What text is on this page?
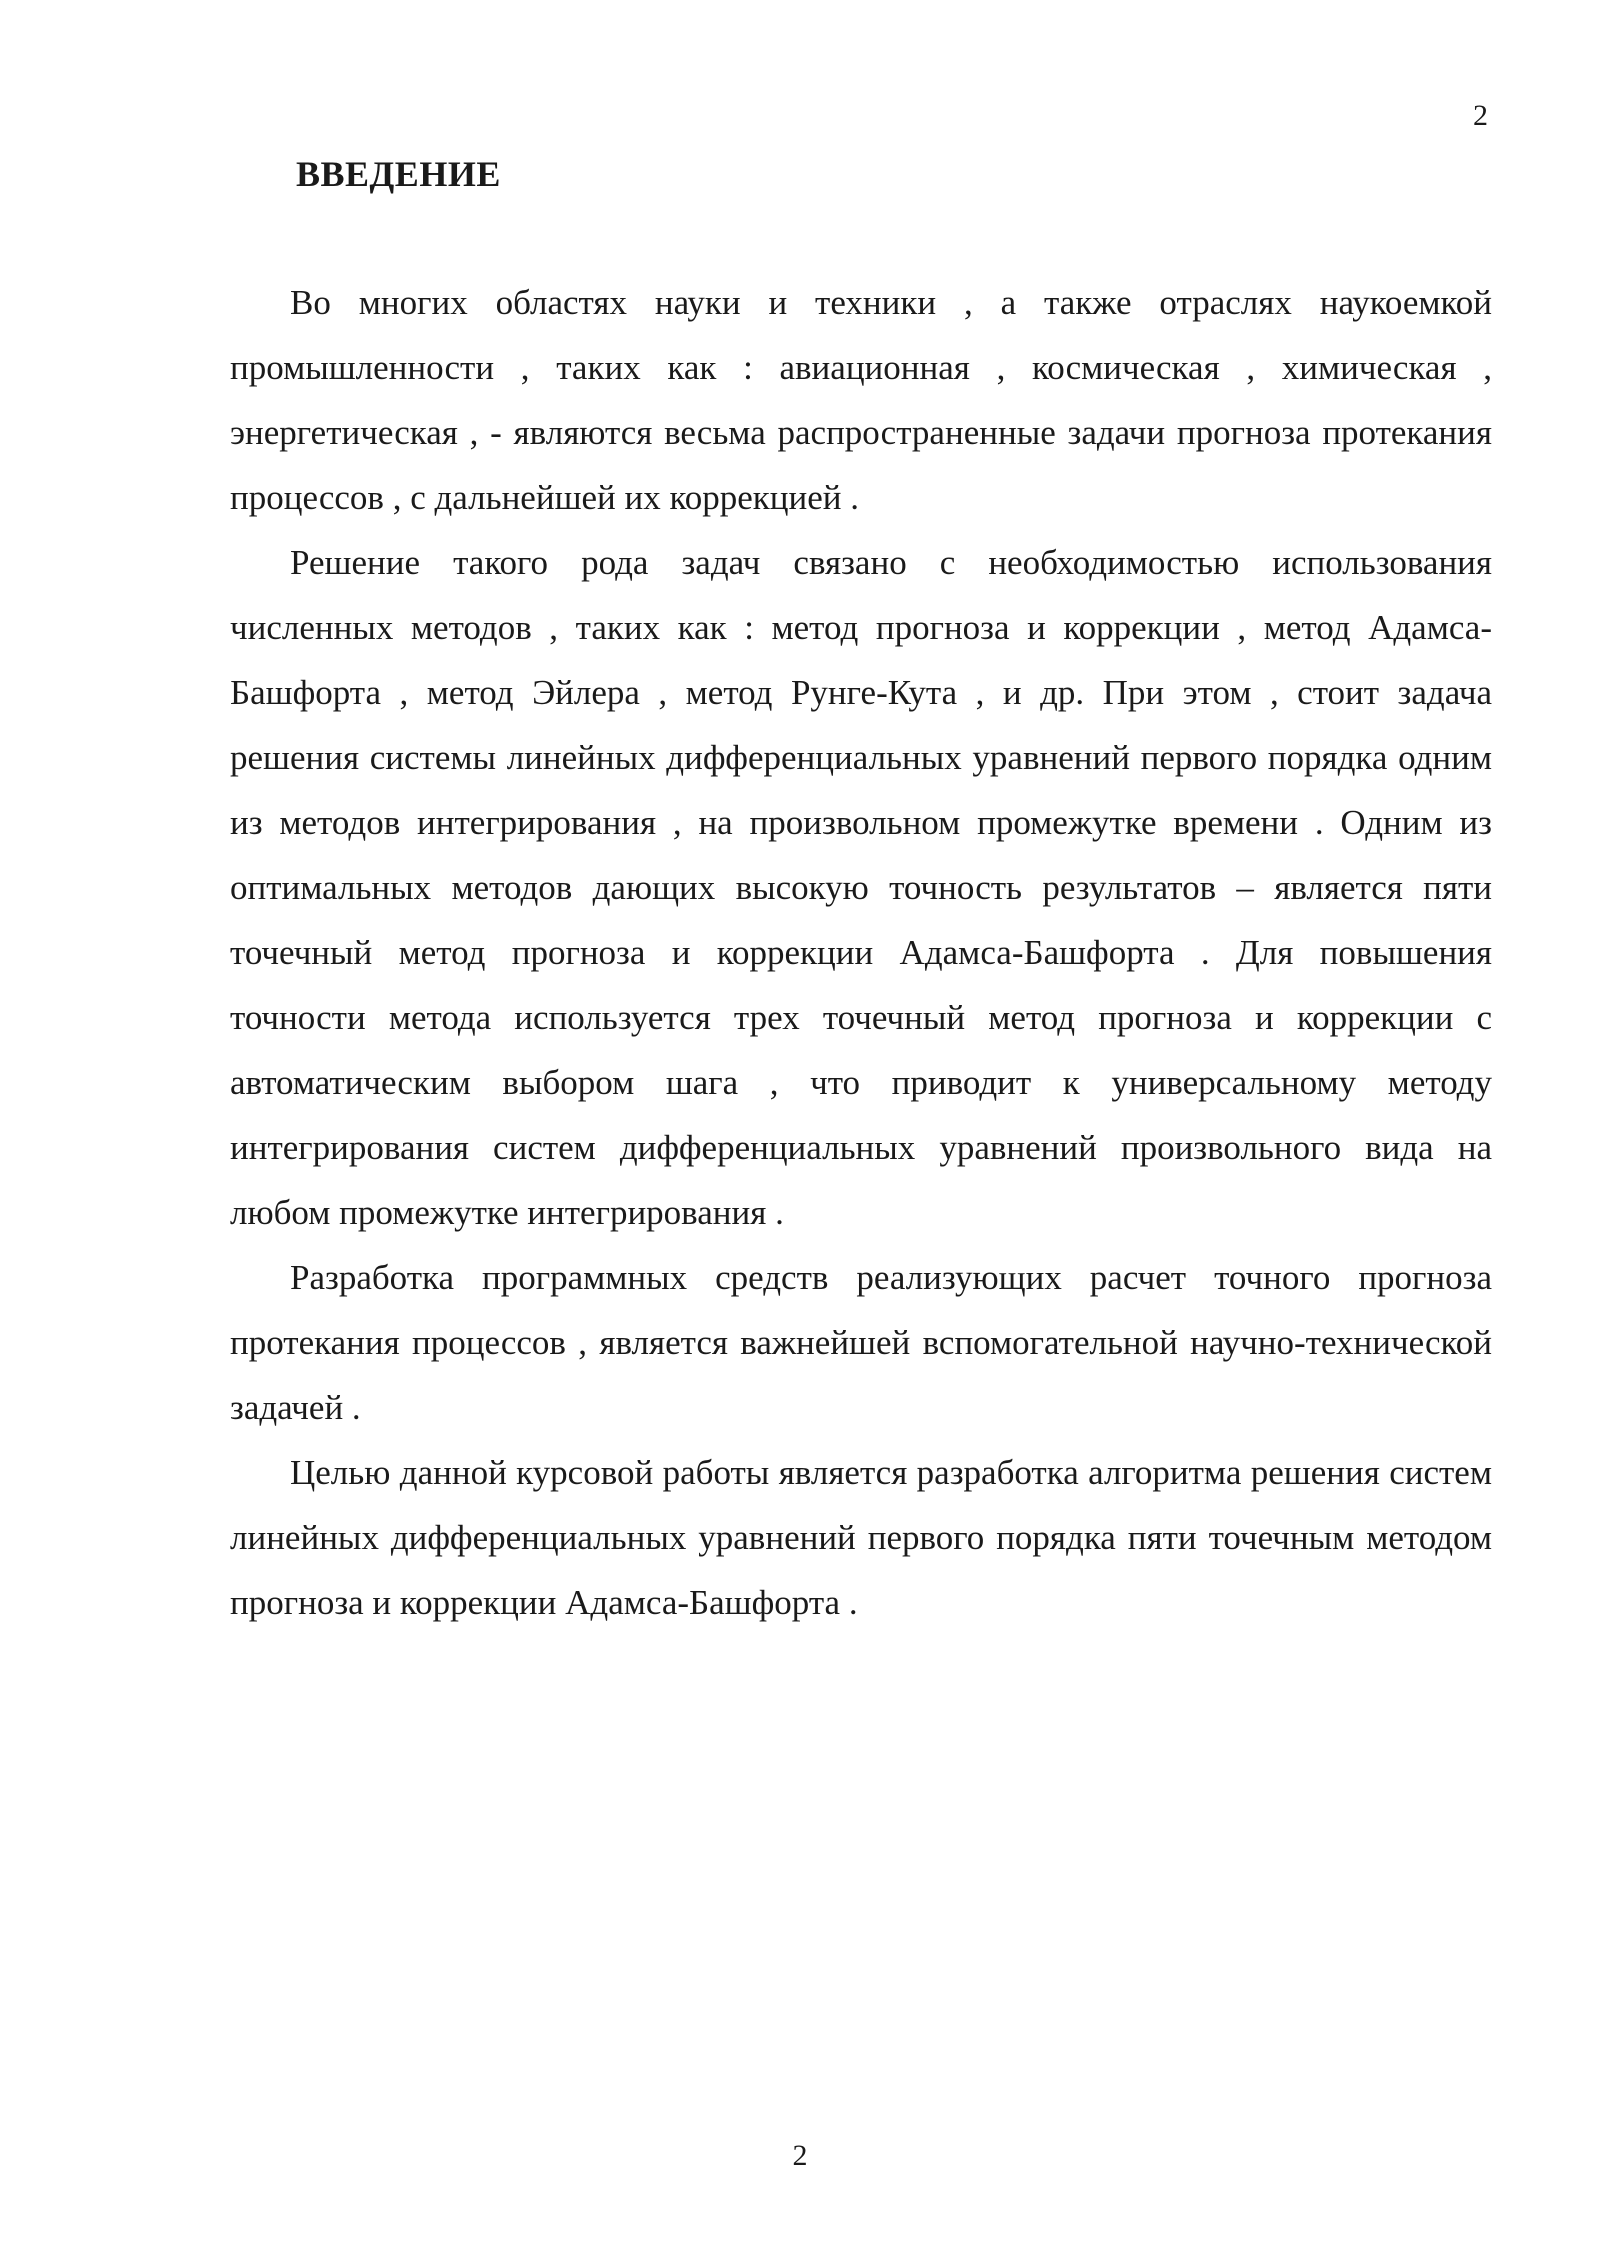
2
ВВЕДЕНИЕ

Во многих областях науки и техники , а также отраслях наукоемкой промышленности , таких как : авиационная , космическая , химическая , энергетическая , - являются весьма распространенные задачи прогноза протекания процессов , с дальнейшей их коррекцией .

Решение такого рода задач связано с необходимостью использования численных методов , таких как : метод прогноза и коррекции , метод Адамса-Башфорта , метод Эйлера , метод Рунге-Кута , и др. При этом , стоит задача решения системы линейных дифференциальных уравнений первого порядка одним из методов интегрирования , на произвольном промежутке времени . Одним из оптимальных методов дающих высокую точность результатов – является пяти точечный метод прогноза и коррекции Адамса-Башфорта . Для повышения точности метода используется трех точечный метод прогноза и коррекции с автоматическим выбором шага , что приводит к универсальному методу интегрирования систем дифференциальных уравнений произвольного вида на любом промежутке интегрирования .

Разработка программных средств реализующих расчет точного прогноза протекания процессов , является важнейшей вспомогательной научно-технической задачей .

Целью данной курсовой работы является разработка алгоритма решения систем линейных дифференциальных уравнений первого порядка пяти точечным методом прогноза и коррекции Адамса-Башфорта .

2
